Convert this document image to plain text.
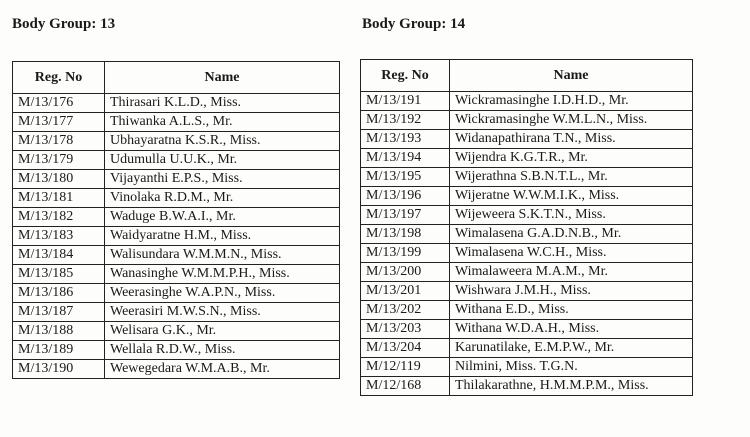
Body Group: 13
Reg. No	Name
M/13/176	Thirasari K.L.D., Miss.
M/13/177	Thiwanka A.L.S., Mr.
M/13/178	Ubhayaratna K.S.R., Miss.
M/13/179	Udumulla U.U.K., Mr.
M/13/180	Vijayanthi E.P.S., Miss.
M/13/181	Vinolaka R.D.M., Mr.
M/13/182	Waduge B.W.A.I., Mr.
M/13/183	Waidyaratne H.M., Miss.
M/13/184	Walisundara W.M.M.N., Miss.
M/13/185	Wanasinghe W.M.M.P.H., Miss.
M/13/186	Weerasinghe W.A.P.N., Miss.
M/13/187	Weerasiri M.W.S.N., Miss.
M/13/188	Welisara G.K., Mr.
M/13/189	Wellala R.D.W., Miss.
M/13/190	Wewegedara W.M.A.B., Mr.
Body Group: 14
Reg. No	Name
M/13/191	Wickramasinghe I.D.H.D., Mr.
M/13/192	Wickramasinghe W.M.L.N., Miss.
M/13/193	Widanapathirana T.N., Miss.
M/13/194	Wijendra K.G.T.R., Mr.
M/13/195	Wijerathna S.B.N.T.L., Mr.
M/13/196	Wijeratne W.W.M.I.K., Miss.
M/13/197	Wijeweera S.K.T.N., Miss.
M/13/198	Wimalasena G.A.D.N.B., Mr.
M/13/199	Wimalasena W.C.H., Miss.
M/13/200	Wimalaweera M.A.M., Mr.
M/13/201	Wishwara J.M.H., Miss.
M/13/202	Withana E.D., Miss.
M/13/203	Withana W.D.A.H., Miss.
M/13/204	Karunatilake, E.M.P.W., Mr.
M/12/119	Nilmini, Miss. T.G.N.
M/12/168	Thilakarathne, H.M.M.P.M., Miss.
